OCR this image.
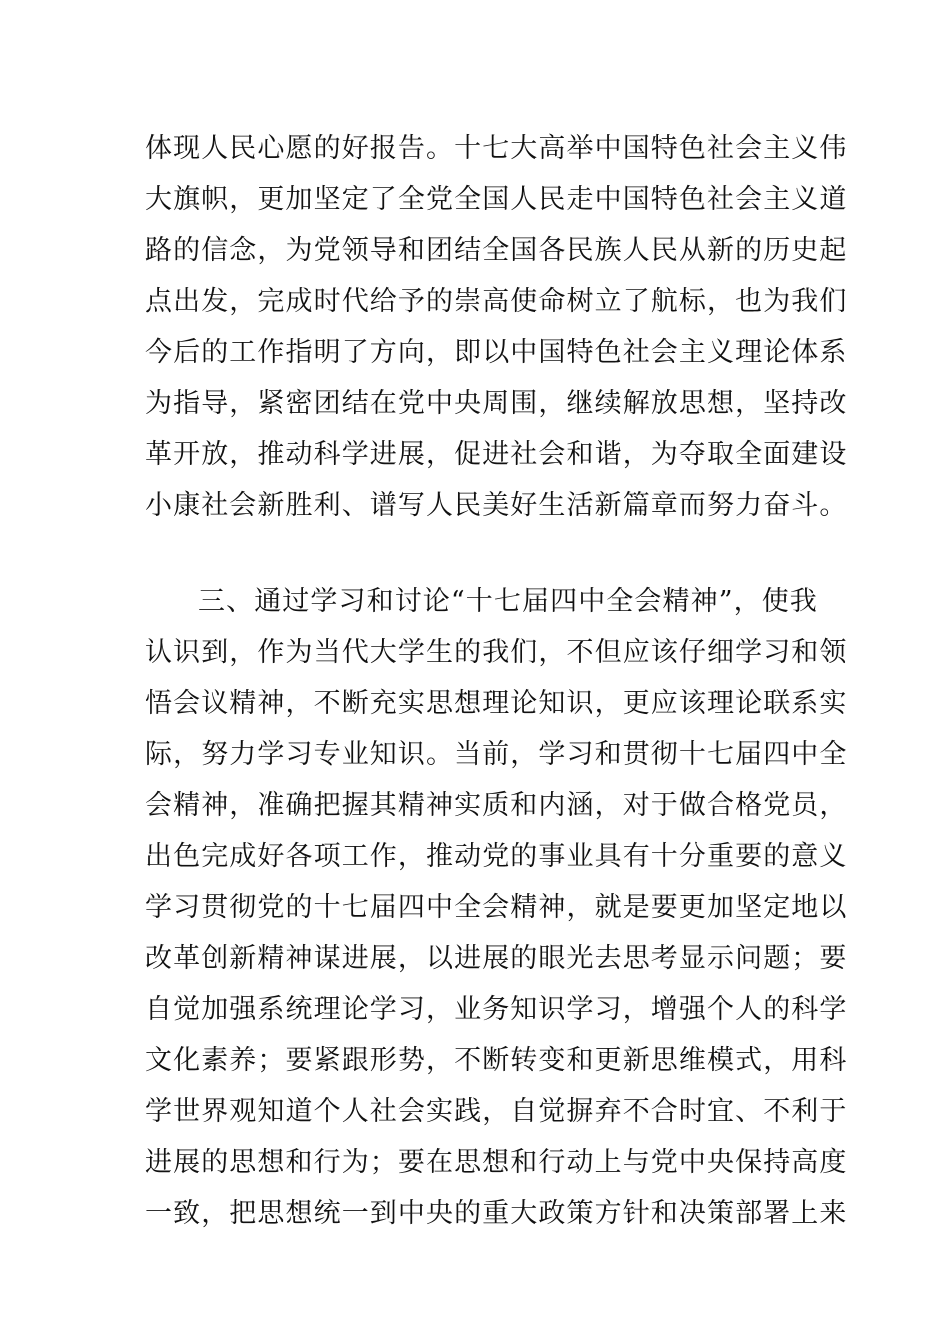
体现人民心愿的好报告。十七大高举中国特色社会主义伟
大旗帜，更加坚定了全党全国人民走中国特色社会主义道
路的信念，为党领导和团结全国各民族人民从新的历史起
点出发，完成时代给予的崇高使命树立了航标，也为我们
今后的工作指明了方向，即以中国特色社会主义理论体系
为指导，紧密团结在党中央周围，继续解放思想，坚持改
革开放，推动科学进展，促进社会和谐，为夺取全面建设
小康社会新胜利、谱写人民美好生活新篇章而努力奋斗。
三、通过学习和讨论“十七届四中全会精神”，使我
认识到，作为当代大学生的我们，不但应该仔细学习和领
悟会议精神，不断充实思想理论知识，更应该理论联系实
际，努力学习专业知识。当前，学习和贯彻十七届四中全
会精神，准确把握其精神实质和内涵，对于做合格党员，
出色完成好各项工作，推动党的事业具有十分重要的意义
学习贯彻党的十七届四中全会精神，就是要更加坚定地以
改革创新精神谋进展，以进展的眼光去思考显示问题；要
自觉加强系统理论学习，业务知识学习，增强个人的科学
文化素养；要紧跟形势，不断转变和更新思维模式，用科
学世界观知道个人社会实践，自觉摒弃不合时宜、不利于
进展的思想和行为；要在思想和行动上与党中央保持高度
一致，把思想统一到中央的重大政策方针和决策部署上来
